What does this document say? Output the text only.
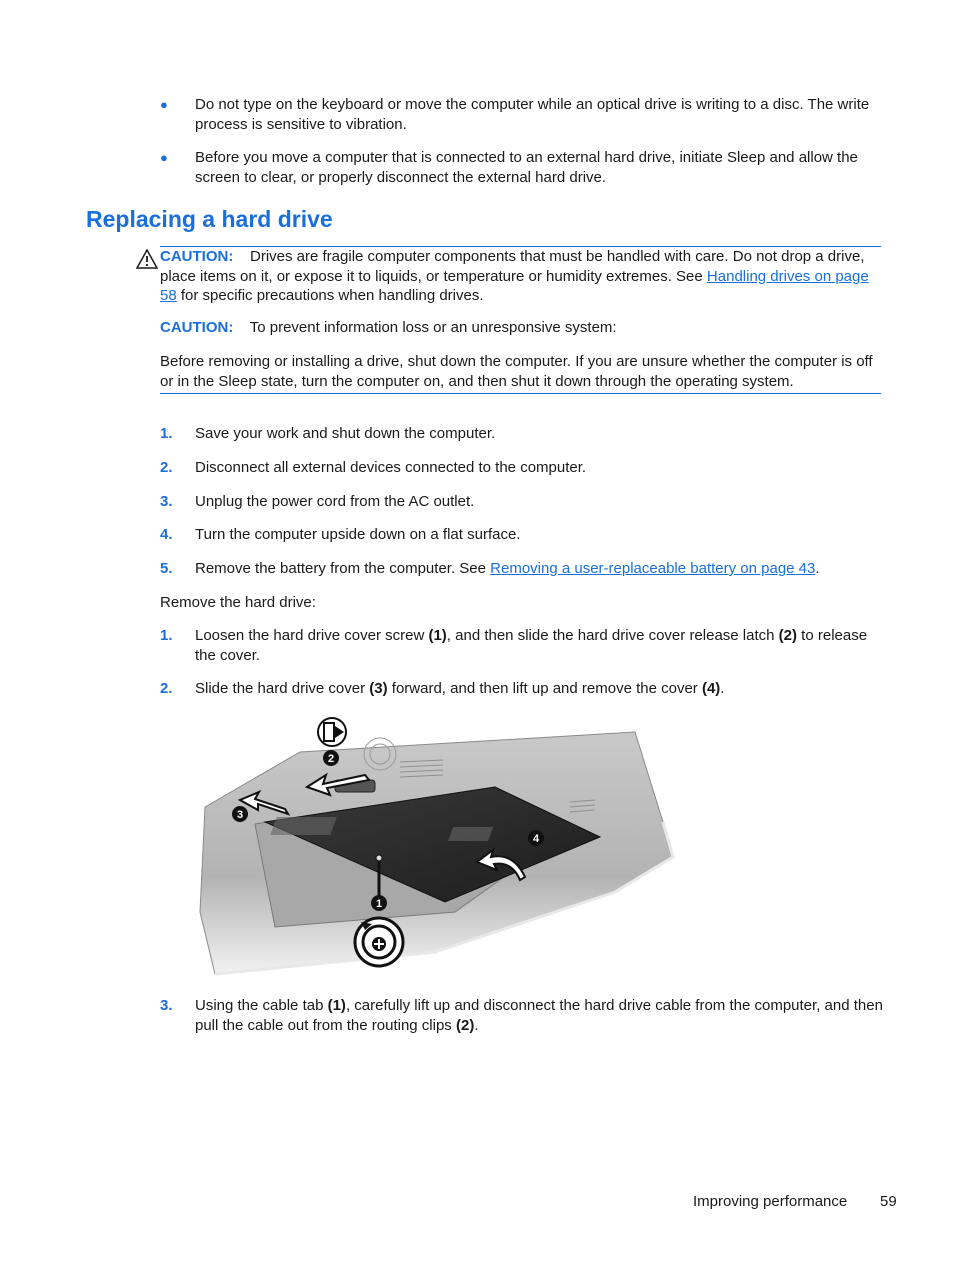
● Do not type on the keyboard or move the computer while an optical drive is writing to a disc. The write process is sensitive to vibration.
● Before you move a computer that is connected to an external hard drive, initiate Sleep and allow the screen to clear, or properly disconnect the external hard drive.
Replacing a hard drive
CAUTION: Drives are fragile computer components that must be handled with care. Do not drop a drive, place items on it, or expose it to liquids, or temperature or humidity extremes. See Handling drives on page 58 for specific precautions when handling drives.
CAUTION: To prevent information loss or an unresponsive system:
Before removing or installing a drive, shut down the computer. If you are unsure whether the computer is off or in the Sleep state, turn the computer on, and then shut it down through the operating system.
1. Save your work and shut down the computer.
2. Disconnect all external devices connected to the computer.
3. Unplug the power cord from the AC outlet.
4. Turn the computer upside down on a flat surface.
5. Remove the battery from the computer. See Removing a user-replaceable battery on page 43.
Remove the hard drive:
1. Loosen the hard drive cover screw (1), and then slide the hard drive cover release latch (2) to release the cover.
2. Slide the hard drive cover (3) forward, and then lift up and remove the cover (4).
1
2
3
4
3. Using the cable tab (1), carefully lift up and disconnect the hard drive cable from the computer, and then pull the cable out from the routing clips (2).
Improving performance 59
